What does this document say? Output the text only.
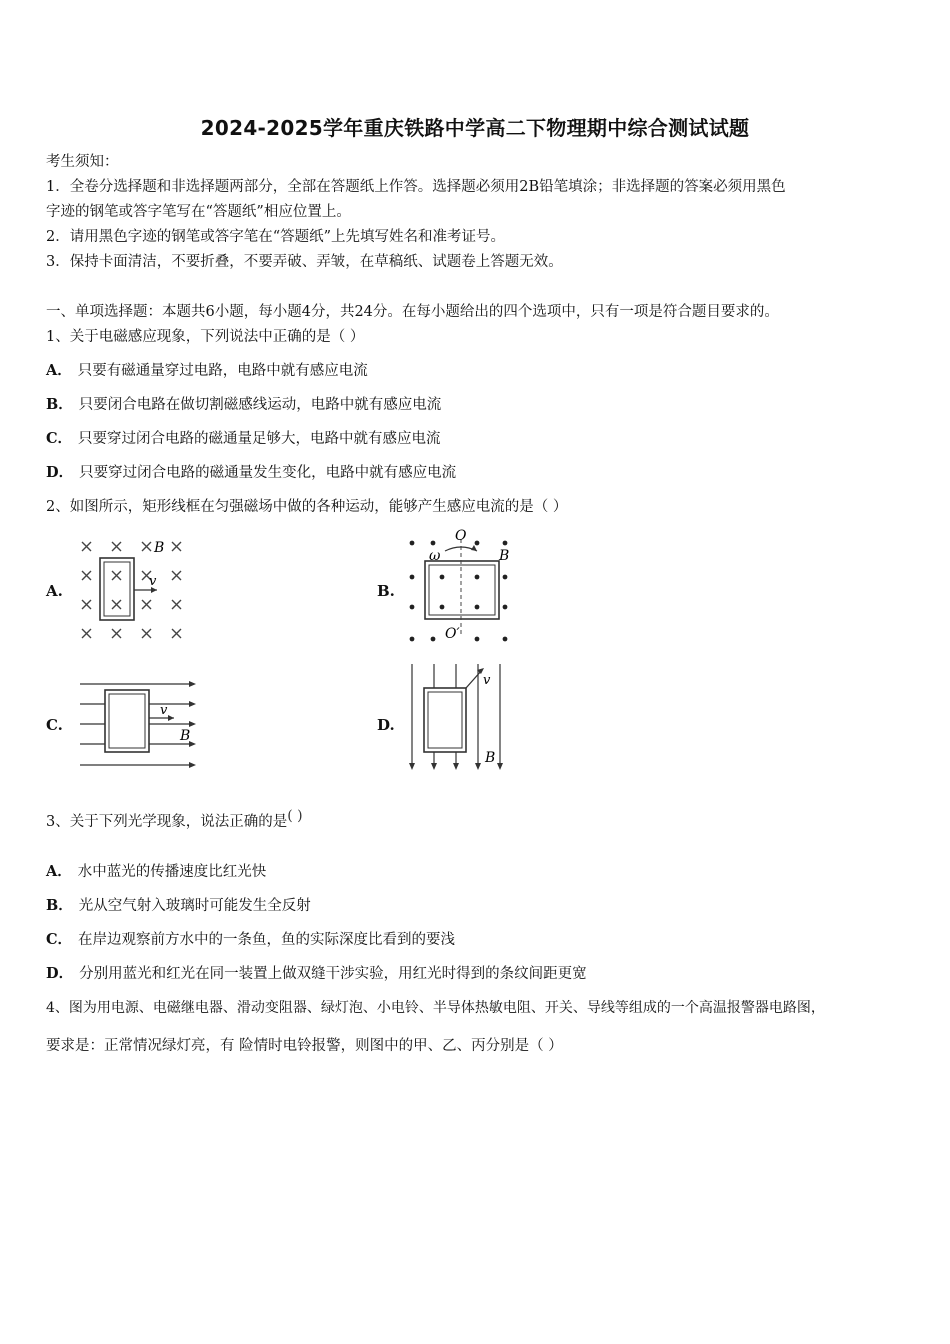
2024-2025学年重庆铁路中学高二下物理期中综合测试试题
考生须知：
1．全卷分选择题和非选择题两部分，全部在答题纸上作答。选择题必须用2B铅笔填涂；非选择题的答案必须用黑色
字迹的钢笔或答字笔写在“答题纸”相应位置上。
2．请用黑色字迹的钢笔或答字笔在“答题纸”上先填写姓名和准考证号。
3．保持卡面清洁，不要折叠，不要弄破、弄皱，在草稿纸、试题卷上答题无效。
一、单项选择题：本题共6小题，每小题4分，共24分。在每小题给出的四个选项中，只有一项是符合题目要求的。
1、关于电磁感应现象，下列说法中正确的是（ ）
A． 只要有磁通量穿过电路，电路中就有感应电流
B． 只要闭合电路在做切割磁感线运动，电路中就有感应电流
C． 只要穿过闭合电路的磁通量足够大，电路中就有感应电流
D． 只要穿过闭合电路的磁通量发生变化，电路中就有感应电流
2、如图所示，矩形线框在匀强磁场中做的各种运动，能够产生感应电流的是（ ）
A.	B.
C.	D.
v
B
O
ω	B
O′
v
B
v
B
3、关于下列光学现象，说法正确的是( )
A． 水中蓝光的传播速度比红光快
B． 光从空气射入玻璃时可能发生全反射
C． 在岸边观察前方水中的一条鱼，鱼的实际深度比看到的要浅
D． 分别用蓝光和红光在同一装置上做双缝干涉实验，用红光时得到的条纹间距更宽
4、图为用电源、电磁继电器、滑动变阻器、绿灯泡、小电铃、半导体热敏电阻、开关、导线等组成的一个高温报警器电路图，
要求是：正常情况绿灯亮，有 险情时电铃报警，则图中的甲、乙、丙分别是（ ）
